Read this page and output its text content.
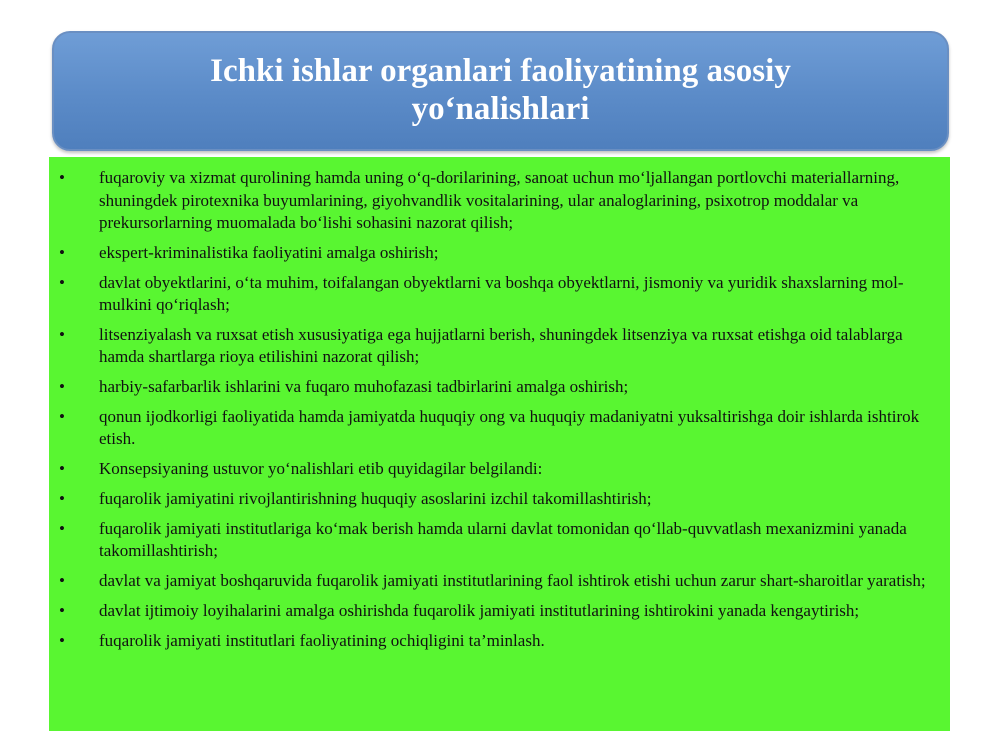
Ichki ishlar organlari faoliyatining asosiy yo‘nalishlari
• fuqaroviy va xizmat qurolining hamda uning o‘q-dorilarining, sanoat uchun mo‘ljallangan portlovchi materiallarning, shuningdek pirotexnika buyumlarining, giyohvandlik vositalarining, ular analoglarining, psixotrop moddalar va prekursorlarning muomalada bo‘lishi sohasini nazorat qilish;
• ekspert-kriminalistika faoliyatini amalga oshirish;
• davlat obyektlarini, o‘ta muhim, toifalangan obyektlarni va boshqa obyektlarni, jismoniy va yuridik shaxslarning mol-mulkini qo‘riqlash;
• litsenziyalash va ruxsat etish xususiyatiga ega hujjatlarni berish, shuningdek litsenziya va ruxsat etishga oid talablarga hamda shartlarga rioya etilishini nazorat qilish;
• harbiy-safarbarlik ishlarini va fuqaro muhofazasi tadbirlarini amalga oshirish;
• qonun ijodkorligi faoliyatida hamda jamiyatda huquqiy ong va huquqiy madaniyatni yuksaltirishga doir ishlarda ishtirok etish.
• Konsepsiyaning ustuvor yo‘nalishlari etib quyidagilar belgilandi:
• fuqarolik jamiyatini rivojlantirishning huquqiy asoslarini izchil takomillashtirish;
• fuqarolik jamiyati institutlariga ko‘mak berish hamda ularni davlat tomonidan qo‘llab-quvvatlash mexanizmini yanada takomillashtirish;
• davlat va jamiyat boshqaruvida fuqarolik jamiyati institutlarining faol ishtirok etishi uchun zarur shart-sharoitlar yaratish;
• davlat ijtimoiy loyihalarini amalga oshirishda fuqarolik jamiyati institutlarining ishtirokini yanada kengaytirish;
• fuqarolik jamiyati institutlari faoliyatining ochiqligini ta’minlash.
